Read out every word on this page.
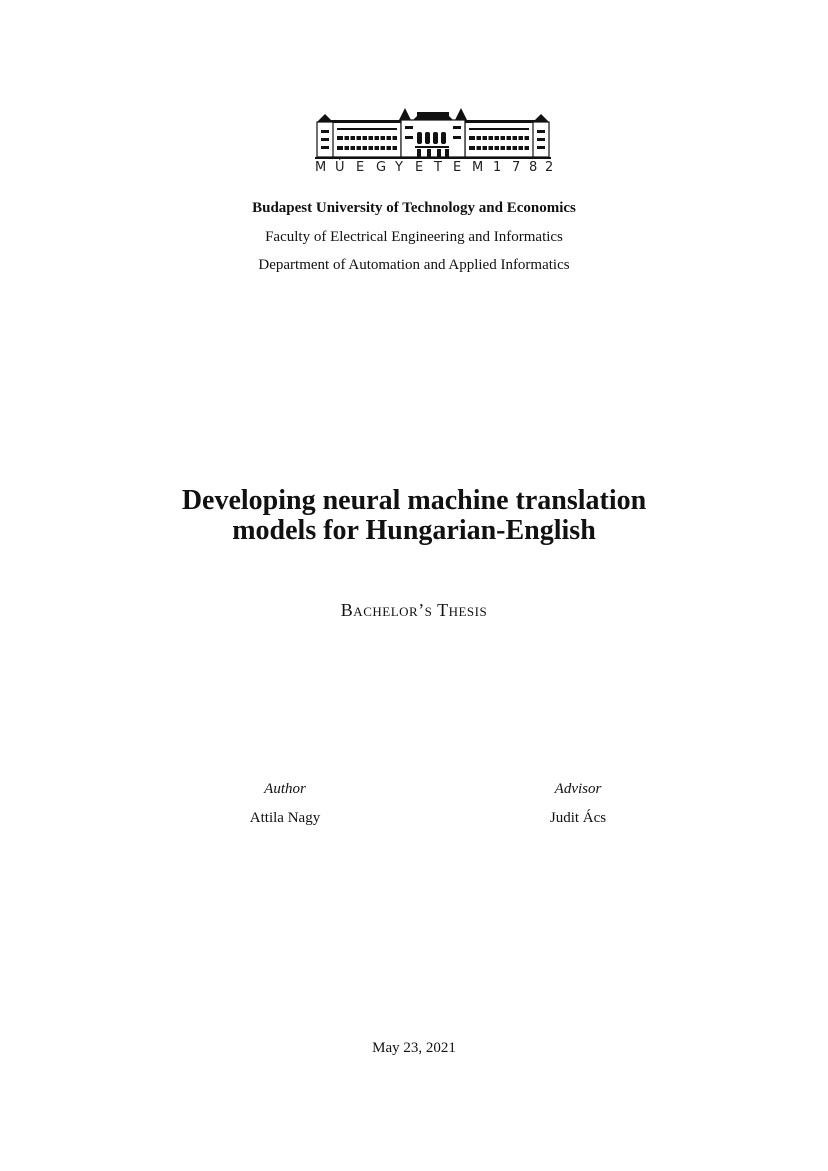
M Ú E G Y E T E M 1 7 8 2
Budapest University of Technology and Economics
Faculty of Electrical Engineering and Informatics
Department of Automation and Applied Informatics
Developing neural machine translation
models for Hungarian-English
Bachelor’s Thesis
Author
Attila Nagy
Advisor
Judit Ács
May 23, 2021
